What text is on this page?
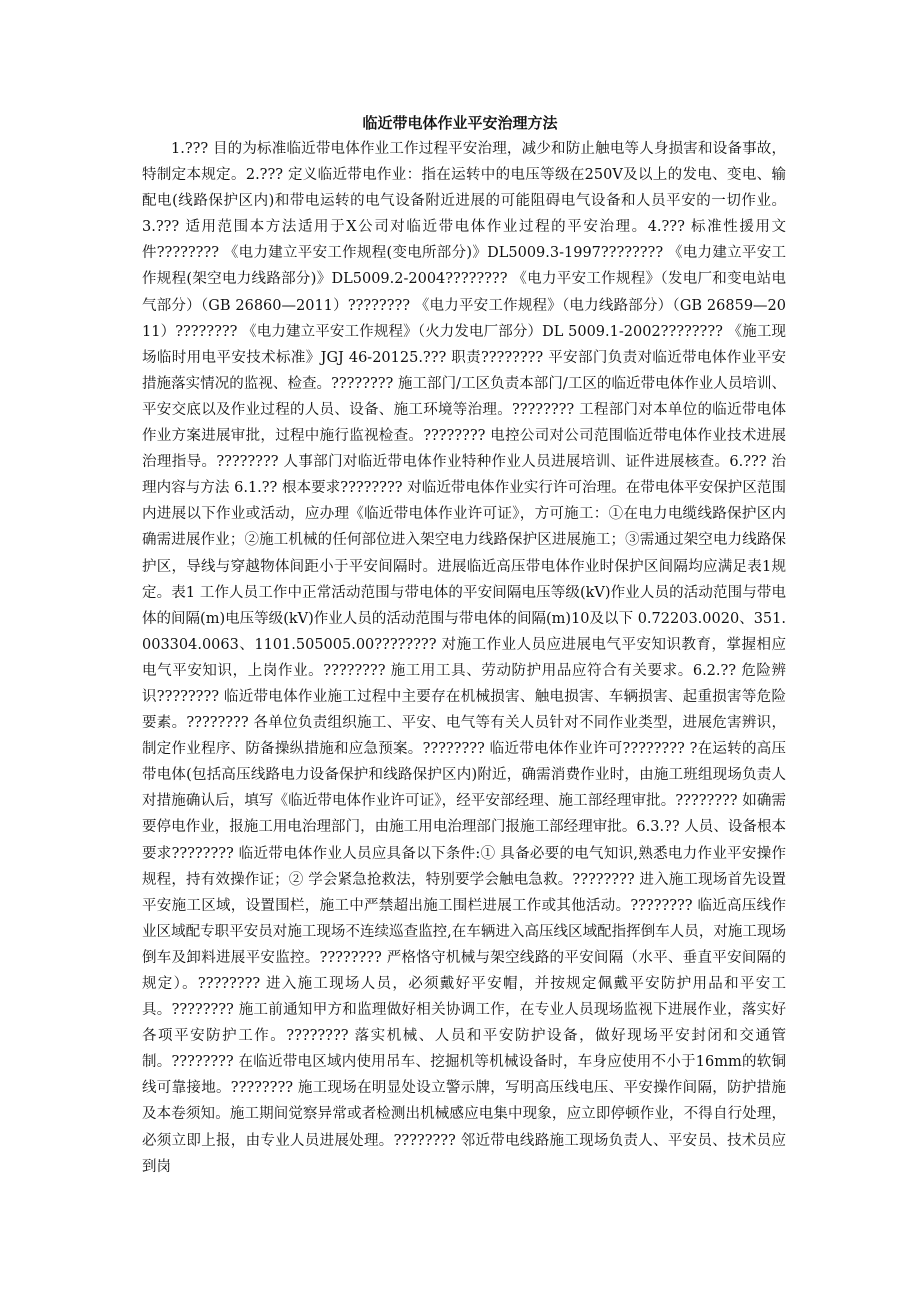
临近带电体作业平安治理方法

1.??? 目的为标准临近带电体作业工作过程平安治理，减少和防止触电等人身损害和设备事故，特制定本规定。2.??? 定义临近带电作业：指在运转中的电压等级在250V及以上的发电、变电、输配电(线路保护区内)和带电运转的电气设备附近进展的可能阻碍电气设备和人员平安的一切作业。3.??? 适用范围本方法适用于X公司对临近带电体作业过程的平安治理。4.??? 标准性援用文件???????? 《电力建立平安工作规程(变电所部分)》DL5009.3-1997???????? 《电力建立平安工作规程(架空电力线路部分)》DL5009.2-2004???????? 《电力平安工作规程》（发电厂和变电站电气部分）（GB 26860—2011）???????? 《电力平安工作规程》（电力线路部分）（GB 26859—2011）???????? 《电力建立平安工作规程》（火力发电厂部分）DL 5009.1-2002???????? 《施工现场临时用电平安技术标准》JGJ 46-20125.??? 职责???????? 平安部门负责对临近带电体作业平安措施落实情况的监视、检查。???????? 施工部门/工区负责本部门/工区的临近带电体作业人员培训、平安交底以及作业过程的人员、设备、施工环境等治理。???????? 工程部门对本单位的临近带电体作业方案进展审批，过程中施行监视检查。???????? 电控公司对公司范围临近带电体作业技术进展治理指导。???????? 人事部门对临近带电体作业特种作业人员进展培训、证件进展核查。6.??? 治理内容与方法 6.1.?? 根本要求???????? 对临近带电体作业实行许可治理。在带电体平安保护区范围内进展以下作业或活动，应办理《临近带电体作业许可证》，方可施工：①在电力电缆线路保护区内确需进展作业；②施工机械的任何部位进入架空电力线路保护区进展施工；③需通过架空电力线路保护区，导线与穿越物体间距小于平安间隔时。进展临近高压带电体作业时保护区间隔均应满足表1规定。表1 工作人员工作中正常活动范围与带电体的平安间隔电压等级(kV)作业人员的活动范围与带电体的间隔(m)电压等级(kV)作业人员的活动范围与带电体的间隔(m)10及以下 0.72203.0020、351.003304.0063、1101.505005.00???????? 对施工作业人员应进展电气平安知识教育，掌握相应电气平安知识，上岗作业。???????? 施工用工具、劳动防护用品应符合有关要求。6.2.?? 危险辨识???????? 临近带电体作业施工过程中主要存在机械损害、触电损害、车辆损害、起重损害等危险要素。???????? 各单位负责组织施工、平安、电气等有关人员针对不同作业类型，进展危害辨识，制定作业程序、防备操纵措施和应急预案。???????? 临近带电体作业许可???????? ?在运转的高压带电体(包括高压线路电力设备保护和线路保护区内)附近，确需消费作业时，由施工班组现场负责人对措施确认后，填写《临近带电体作业许可证》，经平安部经理、施工部经理审批。???????? 如确需要停电作业，报施工用电治理部门，由施工用电治理部门报施工部经理审批。6.3.?? 人员、设备根本要求???????? 临近带电体作业人员应具备以下条件:① 具备必要的电气知识,熟悉电力作业平安操作规程，持有效操作证；② 学会紧急抢救法，特别要学会触电急救。???????? 进入施工现场首先设置平安施工区域，设置围栏，施工中严禁超出施工围栏进展工作或其他活动。???????? 临近高压线作业区域配专职平安员对施工现场不连续巡查监控,在车辆进入高压线区域配指挥倒车人员，对施工现场倒车及卸料进展平安监控。???????? 严格恪守机械与架空线路的平安间隔（水平、垂直平安间隔的规定）。???????? 进入施工现场人员，必须戴好平安帽，并按规定佩戴平安防护用品和平安工具。???????? 施工前通知甲方和监理做好相关协调工作，在专业人员现场监视下进展作业，落实好各项平安防护工作。???????? 落实机械、人员和平安防护设备，做好现场平安封闭和交通管制。???????? 在临近带电区域内使用吊车、挖掘机等机械设备时，车身应使用不小于16mm的软铜线可靠接地。???????? 施工现场在明显处设立警示牌，写明高压线电压、平安操作间隔，防护措施及本卷须知。施工期间觉察异常或者检测出机械感应电集中现象，应立即停顿作业，不得自行处理，必须立即上报，由专业人员进展处理。???????? 邻近带电线路施工现场负责人、平安员、技术员应到岗
